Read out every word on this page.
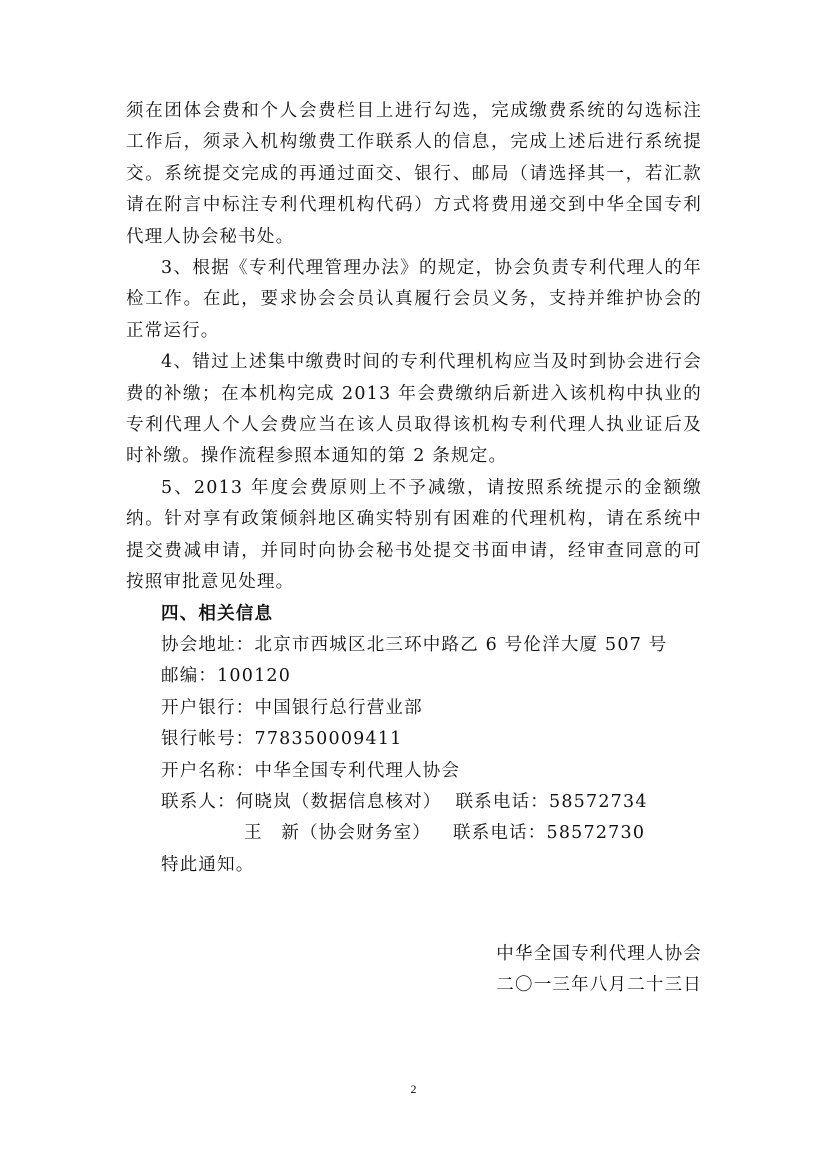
须在团体会费和个人会费栏目上进行勾选，完成缴费系统的勾选标注工作后，须录入机构缴费工作联系人的信息，完成上述后进行系统提交。系统提交完成的再通过面交、银行、邮局（请选择其一，若汇款请在附言中标注专利代理机构代码）方式将费用递交到中华全国专利代理人协会秘书处。

3、根据《专利代理管理办法》的规定，协会负责专利代理人的年检工作。在此，要求协会会员认真履行会员义务，支持并维护协会的正常运行。

4、错过上述集中缴费时间的专利代理机构应当及时到协会进行会费的补缴；在本机构完成 2013 年会费缴纳后新进入该机构中执业的专利代理人个人会费应当在该人员取得该机构专利代理人执业证后及时补缴。操作流程参照本通知的第 2 条规定。

5、2013 年度会费原则上不予减缴，请按照系统提示的金额缴纳。针对享有政策倾斜地区确实特别有困难的代理机构，请在系统中提交费减申请，并同时向协会秘书处提交书面申请，经审查同意的可按照审批意见处理。

四、相关信息

协会地址：北京市西城区北三环中路乙 6 号伦洋大厦 507 号

邮编：100120

开户银行：中国银行总行营业部

银行帐号：778350009411

开户名称：中华全国专利代理人协会

联系人：何晓岚（数据信息核对） 联系电话：58572734

王　新（协会财务室） 联系电话：58572730

特此通知。

中华全国专利代理人协会
二〇一三年八月二十三日
2
